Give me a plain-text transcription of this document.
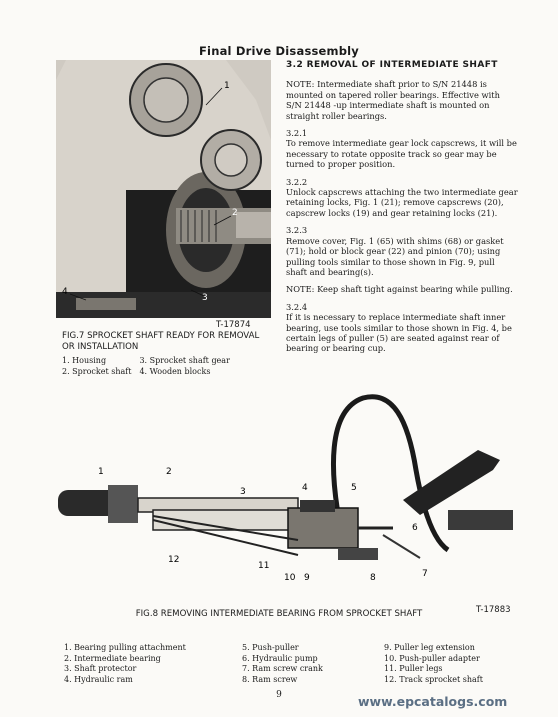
Final Drive Disassembly
1
2
3
4
T-17874
FIG.7 SPROCKET SHAFT READY FOR REMOVAL OR INSTALLATION
1. Housing	3. Sprocket shaft gear
2. Sprocket shaft	4. Wooden blocks
3.2 REMOVAL OF INTERMEDIATE SHAFT

NOTE: Intermediate shaft prior to S/N 21448 is mounted on tapered roller bearings. Effective with S/N 21448 -up intermediate shaft is mounted on straight roller bearings.

3.2.1
To remove intermediate gear lock capscrews, it will be necessary to rotate opposite track so gear may be turned to proper position.

3.2.2
Unlock capscrews attaching the two intermediate gear retaining locks, Fig. 1 (21); remove capscrews (20), capscrew locks (19) and gear retaining locks (21).

3.2.3
Remove cover, Fig. 1 (65) with shims (68) or gasket (71); hold or block gear (22) and pinion (70); using pulling tools similar to those shown in Fig. 9, pull shaft and bearing(s).

NOTE: Keep shaft tight against bearing while pulling.

3.2.4
If it is necessary to replace intermediate shaft inner bearing, use tools similar to those shown in Fig. 4, be certain legs of puller (5) are seated against rear of bearing or bearing cup.

1	2
3	4	5
6
7
8
9
10
11
12
T-17883
FIG.8 REMOVING INTERMEDIATE BEARING FROM SPROCKET SHAFT
1. Bearing pulling attachment
2. Intermediate bearing
3. Shaft protector
4. Hydraulic ram
5. Push-puller
6. Hydraulic pump
7. Ram screw crank
8. Ram screw
9. Puller leg extension
10. Push-puller adapter
11. Puller legs
12. Track sprocket shaft
9	www.epcatalogs.com
